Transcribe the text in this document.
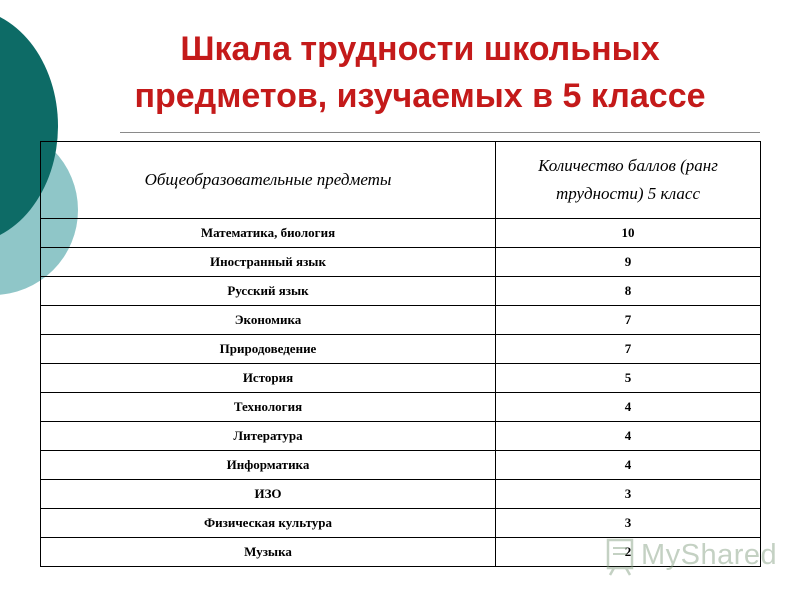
Шкала трудности школьных
предметов, изучаемых в 5 классе
Общеобразовательные предметы	Количество баллов (ранг трудности) 5 класс
Математика, биология	10
Иностранный язык	9
Русский язык	8
Экономика	7
Природоведение	7
История	5
Технология	4
Литература	4
Информатика	4
ИЗО	3
Физическая культура	3
Музыка	2 MyShared
